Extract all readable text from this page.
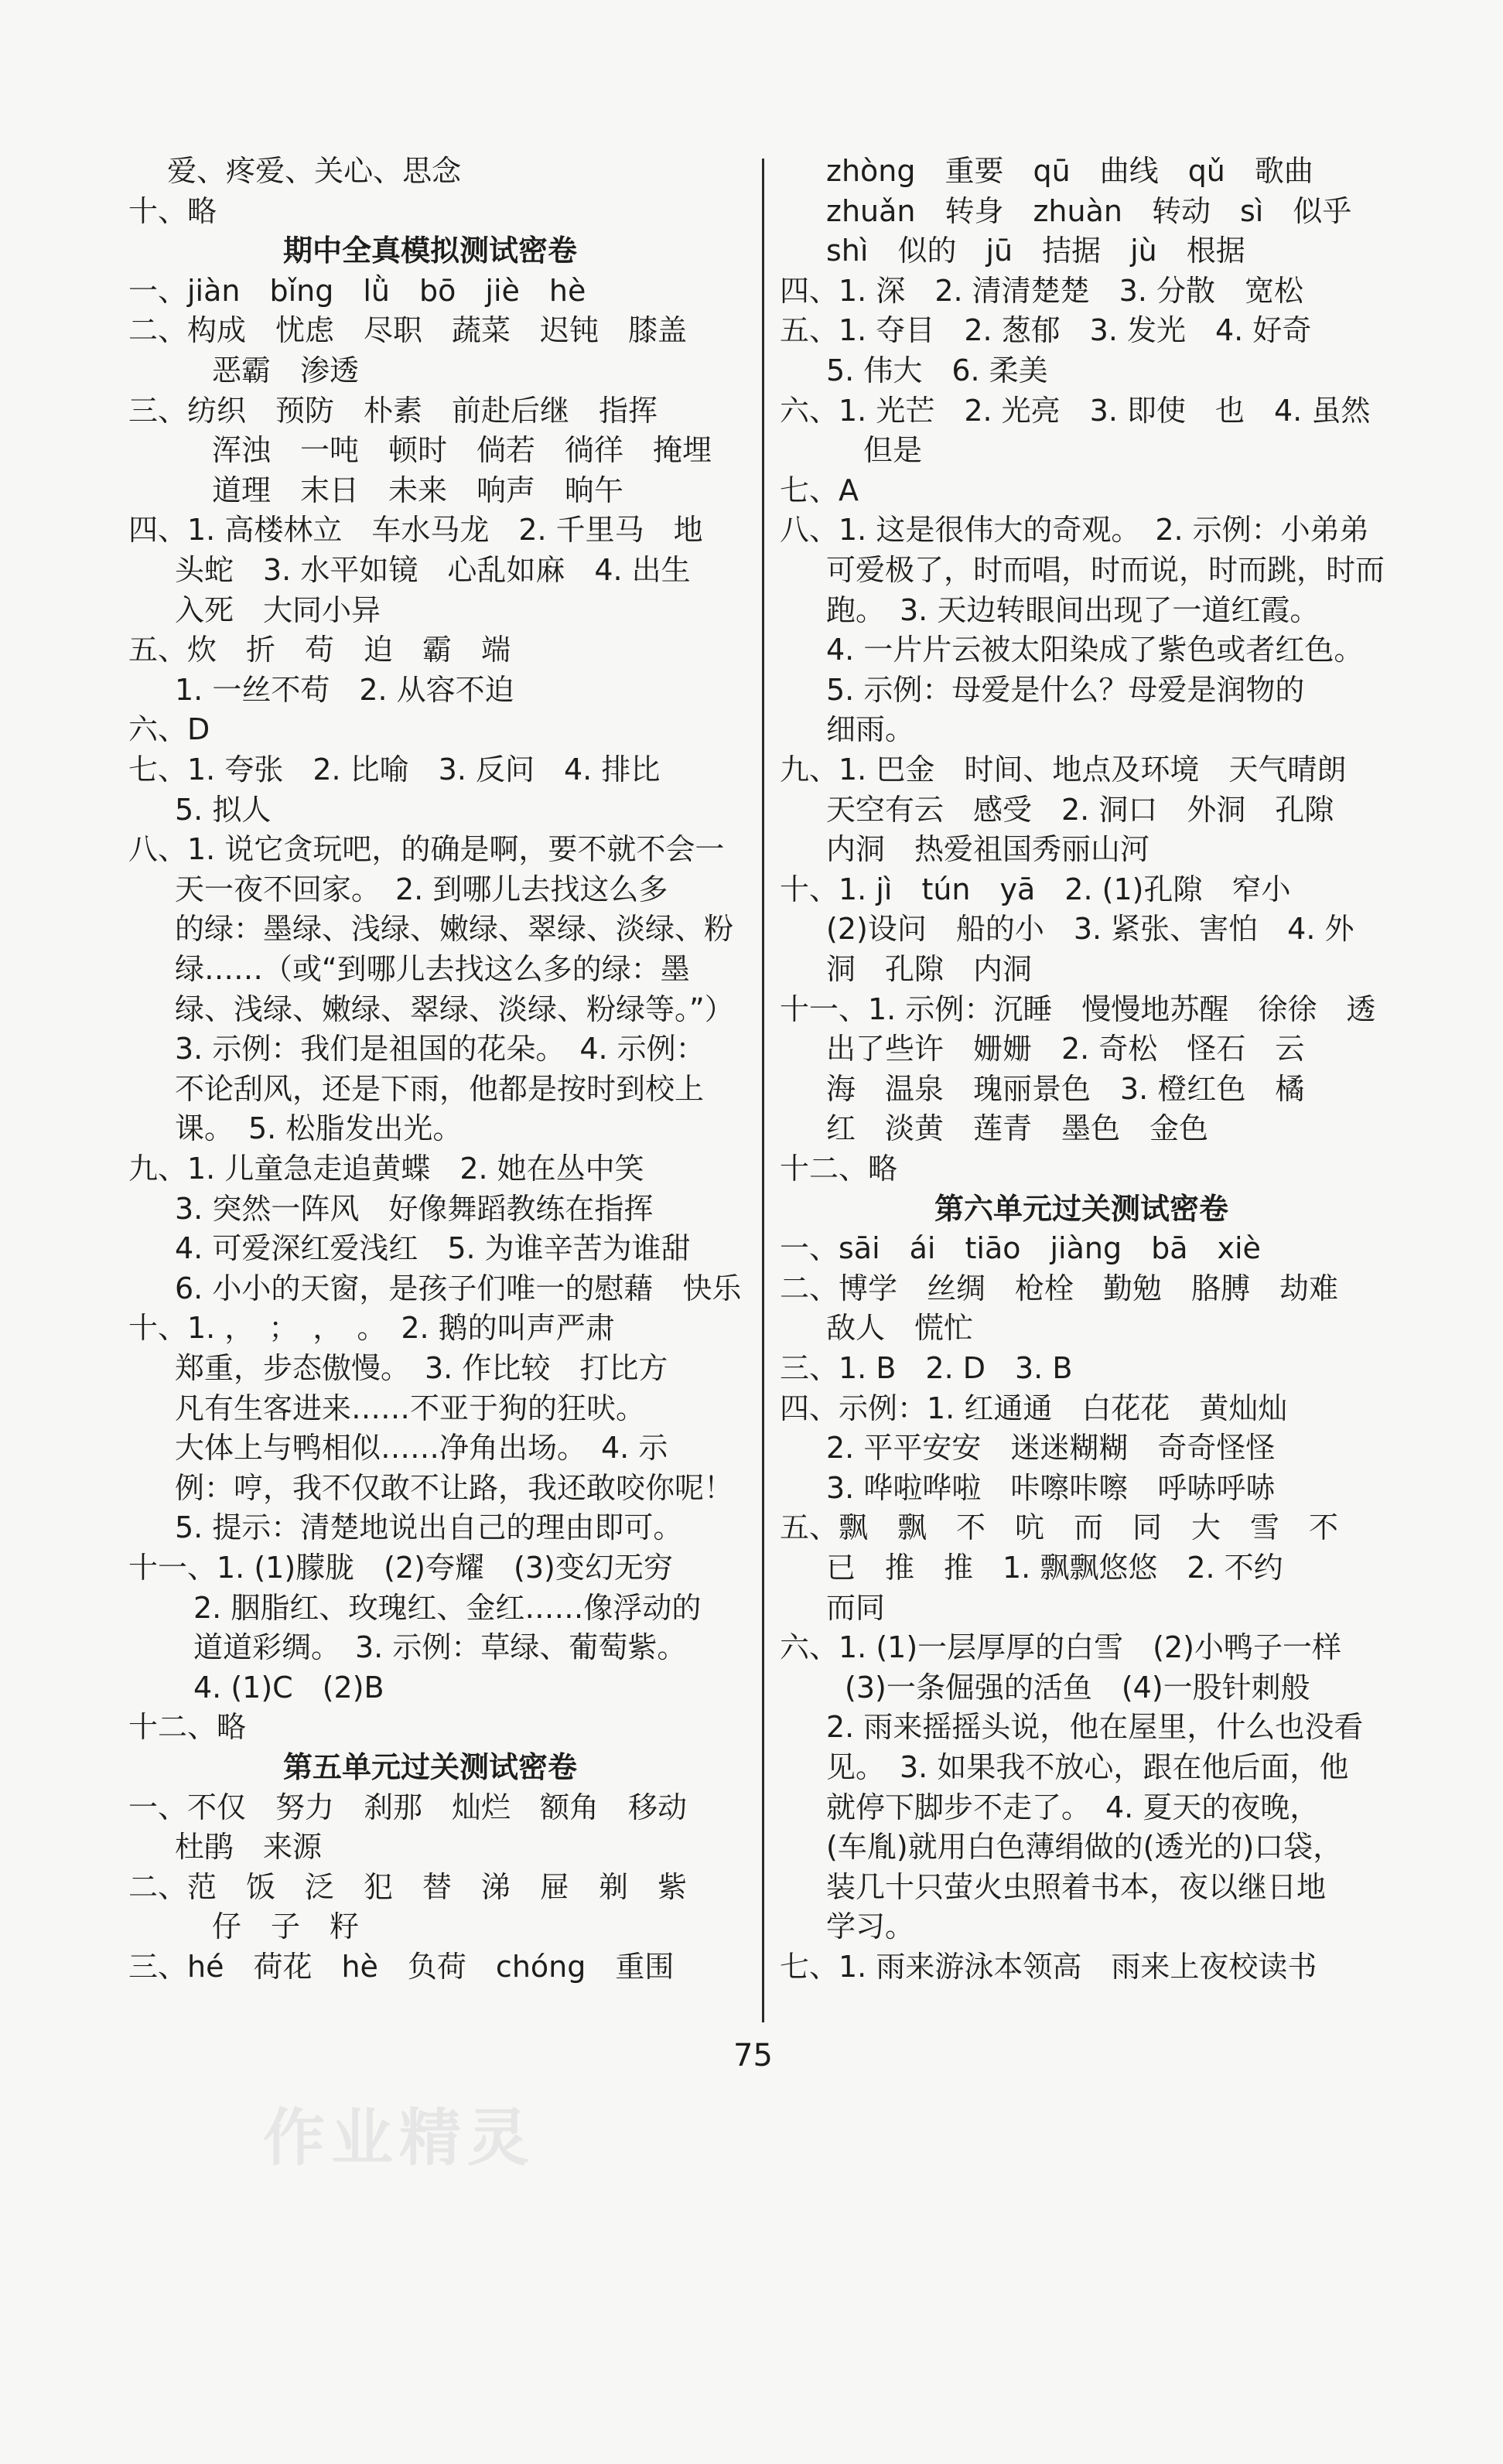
　 爱、疼爱、关心、思念
十、略
期中全真模拟测试密卷
一、jiàn　bǐng　lǜ　bō　jiè　hè
二、构成　忧虑　尽职　蔬菜　迟钝　膝盖
恶霸　渗透
三、纺织　预防　朴素　前赴后继　指挥
浑浊　一吨　顿时　倘若　徜徉　掩埋
道理　末日　未来　响声　晌午
四、1. 高楼林立　车水马龙　2. 千里马　地
头蛇　3. 水平如镜　心乱如麻　4. 出生
入死　大同小异
五、炊　折　苟　迫　霸　端
1. 一丝不苟　2. 从容不迫
六、D
七、1. 夸张　2. 比喻　3. 反问　4. 排比
5. 拟人
八、1. 说它贪玩吧，的确是啊，要不就不会一
天一夜不回家。　2. 到哪儿去找这么多
的绿：墨绿、浅绿、嫩绿、翠绿、淡绿、粉
绿……（或“到哪儿去找这么多的绿：墨
绿、浅绿、嫩绿、翠绿、淡绿、粉绿等。”）
3. 示例：我们是祖国的花朵。　4. 示例：
不论刮风，还是下雨，他都是按时到校上
课。　5. 松脂发出光。
九、1. 儿童急走追黄蝶　2. 她在丛中笑
3. 突然一阵风　好像舞蹈教练在指挥
4. 可爱深红爱浅红　5. 为谁辛苦为谁甜
6. 小小的天窗，是孩子们唯一的慰藉　快乐
十、1. ，　；　，　。　2. 鹅的叫声严肃
郑重，步态傲慢。　3. 作比较　打比方
凡有生客进来……不亚于狗的狂吠。
大体上与鸭相似……净角出场。　4. 示
例：哼，我不仅敢不让路，我还敢咬你呢！
5. 提示：清楚地说出自己的理由即可。
十一、1. (1)朦胧　(2)夸耀　(3)变幻无穷
2. 胭脂红、玫瑰红、金红……像浮动的
道道彩绸。　3. 示例：草绿、葡萄紫。
4. (1)C　(2)B
十二、略
第五单元过关测试密卷
一、不仅　努力　刹那　灿烂　额角　移动
杜鹃　来源
二、范　饭　泛　犯　替　涕　屉　剃　紫
仔　子　籽
三、hé　荷花　hè　负荷　chóng　重围
zhòng　重要　qū　曲线　qǔ　歌曲
zhuǎn　转身　zhuàn　转动　sì　似乎
shì　似的　jū　拮据　jù　根据
四、1. 深　2. 清清楚楚　3. 分散　宽松
五、1. 夺目　2. 葱郁　3. 发光　4. 好奇
5. 伟大　6. 柔美
六、1. 光芒　2. 光亮　3. 即使　也　4. 虽然
但是
七、A
八、1. 这是很伟大的奇观。　2. 示例：小弟弟
可爱极了，时而唱，时而说，时而跳，时而
跑。　3. 天边转眼间出现了一道红霞。
4. 一片片云被太阳染成了紫色或者红色。
5. 示例：母爱是什么？母爱是润物的
细雨。
九、1. 巴金　时间、地点及环境　天气晴朗
天空有云　感受　2. 洞口　外洞　孔隙
内洞　热爱祖国秀丽山河
十、1. jì　tún　yā　2. (1)孔隙　窄小
(2)设问　船的小　3. 紧张、害怕　4. 外
洞　孔隙　内洞
十一、1. 示例：沉睡　慢慢地苏醒　徐徐　透
出了些许　姗姗　2. 奇松　怪石　云
海　温泉　瑰丽景色　3. 橙红色　橘
红　淡黄　莲青　墨色　金色
十二、略
第六单元过关测试密卷
一、sāi　ái　tiāo　jiàng　bā　xiè
二、博学　丝绸　枪栓　勤勉　胳膊　劫难
敌人　慌忙
三、1. B　2. D　3. B
四、示例：1. 红通通　白花花　黄灿灿
2. 平平安安　迷迷糊糊　奇奇怪怪
3. 哗啦哗啦　咔嚓咔嚓　呼哧呼哧
五、飘　飘　不　吭　而　同　大　雪　不
已　推　推　1. 飘飘悠悠　2. 不约
而同
六、1. (1)一层厚厚的白雪　(2)小鸭子一样
(3)一条倔强的活鱼　(4)一股针刺般
2. 雨来摇摇头说，他在屋里，什么也没看
见。　3. 如果我不放心，跟在他后面，他
就停下脚步不走了。　4. 夏天的夜晚，
(车胤)就用白色薄绢做的(透光的)口袋，
装几十只萤火虫照着书本，夜以继日地
学习。
七、1. 雨来游泳本领高　雨来上夜校读书
75
作业精灵
